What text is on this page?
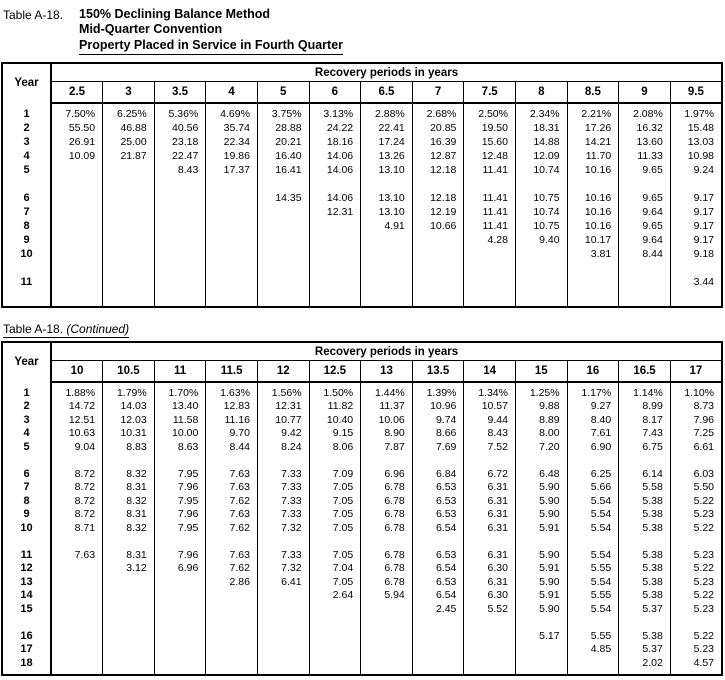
Table A-18. 150% Declining Balance Method
Mid-Quarter Convention
Property Placed in Service in Fourth Quarter
Year	Recovery periods in years												
	2.5	3	3.5	4	5	6	6.5	7	7.5	8	8.5	9	9.5

1	7.50%	6.25%	5.36%	4.69%	3.75%	3.13%	2.88%	2.68%	2.50%	2.34%	2.21%	2.08%	1.97%
2	55.50	46.88	40.56	35.74	28.88	24.22	22.41	20.85	19.50	18.31	17.26	16.32	15.48
3	26.91	25.00	23.18	22.34	20.21	18.16	17.24	16.39	15.60	14.88	14.21	13.60	13.03
4	10.09	21.87	22.47	19.86	16.40	14.06	13.26	12.87	12.48	12.09	11.70	11.33	10.98
5			8.43	17.37	16.41	14.06	13.10	12.18	11.41	10.74	10.16	9.65	9.24

6					14.35	14.06	13.10	12.18	11.41	10.75	10.16	9.65	9.17
7						12.31	13.10	12.19	11.41	10.74	10.16	9.64	9.17
8							4.91	10.66	11.41	10.75	10.16	9.65	9.17
9									4.28	9.40	10.17	9.64	9.17
10											3.81	8.44	9.18

11													3.44

Table A-18. (Continued)
Year	Recovery periods in years												
	10	10.5	11	11.5	12	12.5	13	13.5	14	15	16	16.5	17

1	1.88%	1.79%	1.70%	1.63%	1.56%	1.50%	1.44%	1.39%	1.34%	1.25%	1.17%	1.14%	1.10%
2	14.72	14.03	13.40	12.83	12.31	11.82	11.37	10.96	10.57	9.88	9.27	8.99	8.73
3	12.51	12.03	11.58	11.16	10.77	10.40	10.06	9.74	9.44	8.89	8.40	8.17	7.96
4	10.63	10.31	10.00	9.70	9.42	9.15	8.90	8.66	8.43	8.00	7.61	7.43	7.25
5	9.04	8.83	8.63	8.44	8.24	8.06	7.87	7.69	7.52	7.20	6.90	6.75	6.61

6	8.72	8.32	7.95	7.63	7.33	7.09	6.96	6.84	6.72	6.48	6.25	6.14	6.03
7	8.72	8.31	7.96	7.63	7.33	7.05	6.78	6.53	6.31	5.90	5.66	5.58	5.50
8	8.72	8.32	7.95	7.62	7.33	7.05	6.78	6.53	6.31	5.90	5.54	5.38	5.22
9	8.72	8.31	7.96	7.63	7.33	7.05	6.78	6.53	6.31	5.90	5.54	5.38	5.23
10	8.71	8.32	7.95	7.62	7.32	7.05	6.78	6.54	6.31	5.91	5.54	5.38	5.22

11	7.63	8.31	7.96	7.63	7.33	7.05	6.78	6.53	6.31	5.90	5.54	5.38	5.23
12		3.12	6.96	7.62	7.32	7.04	6.78	6.54	6.30	5.91	5.55	5.38	5.22
13				2.86	6.41	7.05	6.78	6.53	6.31	5.90	5.54	5.38	5.23
14						2.64	5.94	6.54	6.30	5.91	5.55	5.38	5.22
15								2.45	5.52	5.90	5.54	5.37	5.23

16										5.17	5.55	5.38	5.22
17											4.85	5.37	5.23
18												2.02	4.57
